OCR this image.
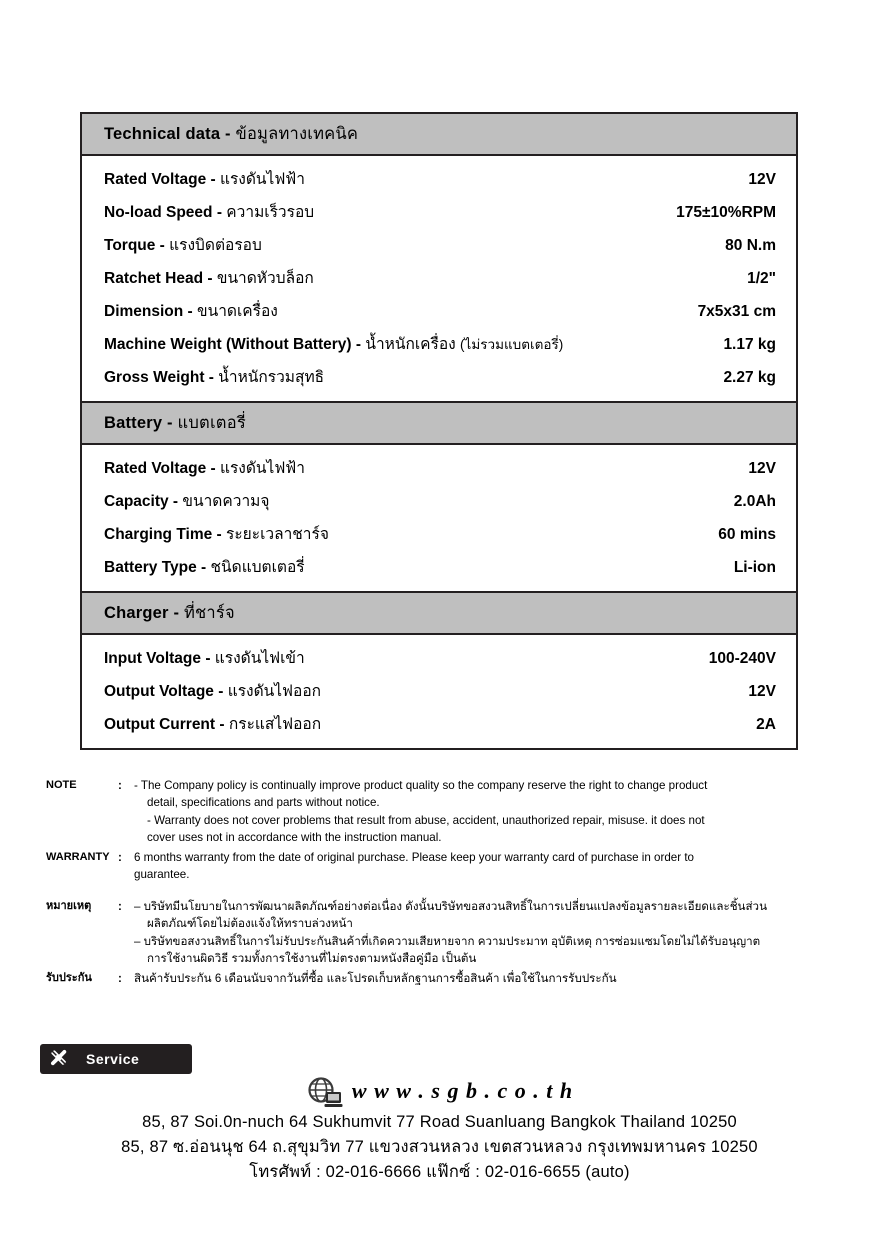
Technical data - ข้อมูลทางเทคนิค
Rated Voltage - แรงดันไฟฟ้า	12V
No-load Speed - ความเร็วรอบ	175±10%RPM
Torque - แรงบิดต่อรอบ	80 N.m
Ratchet Head - ขนาดหัวบล็อก	1/2"
Dimension - ขนาดเครื่อง	7x5x31 cm
Machine Weight (Without Battery) - น้ำหนักเครื่อง (ไม่รวมแบตเตอรี่)	1.17 kg
Gross Weight - น้ำหนักรวมสุทธิ	2.27 kg
Battery - แบตเตอรี่
Rated Voltage - แรงดันไฟฟ้า	12V
Capacity - ขนาดความจุ	2.0Ah
Charging Time - ระยะเวลาชาร์จ	60 mins
Battery Type - ชนิดแบตเตอรี่	Li-ion
Charger - ที่ชาร์จ
Input Voltage - แรงดันไฟเข้า	100-240V
Output Voltage - แรงดันไฟออก	12V
Output Current - กระแสไฟออก	2A
NOTE	:	- The Company policy is continually improve product quality so the company reserve the right to change product
detail, specifications and parts without notice.
- Warranty does not cover problems that result from abuse, accident, unauthorized repair, misuse. it does not
cover uses not in accordance with the instruction manual.
WARRANTY :	6 months warranty from the date of original purchase. Please keep your warranty card of purchase in order to
guarantee.
หมายเหตุ	:	– บริษัทมีนโยบายในการพัฒนาผลิตภัณฑ์อย่างต่อเนื่อง ดังนั้นบริษัทขอสงวนสิทธิ์ในการเปลี่ยนแปลงข้อมูลรายละเอียดและชิ้นส่วน
ผลิตภัณฑ์โดยไม่ต้องแจ้งให้ทราบล่วงหน้า
– บริษัทขอสงวนสิทธิ์ในการไม่รับประกันสินค้าที่เกิดความเสียหายจาก ความประมาท อุบัติเหตุ การซ่อมแซมโดยไม่ได้รับอนุญาต
การใช้งานผิดวิธี รวมทั้งการใช้งานที่ไม่ตรงตามหนังสือคู่มือ เป็นต้น
รับประกัน	:	สินค้ารับประกัน 6 เดือนนับจากวันที่ซื้อ และโปรดเก็บหลักฐานการซื้อสินค้า เพื่อใช้ในการรับประกัน
Service
w w w . s g b . c o . t h
85, 87 Soi.0n-nuch 64 Sukhumvit 77 Road Suanluang Bangkok Thailand 10250
85, 87 ซ.อ่อนนุช 64 ถ.สุขุมวิท 77 แขวงสวนหลวง เขตสวนหลวง กรุงเทพมหานคร 10250
โทรศัพท์ : 02-016-6666 แฟ๊กซ์ : 02-016-6655 (auto)
